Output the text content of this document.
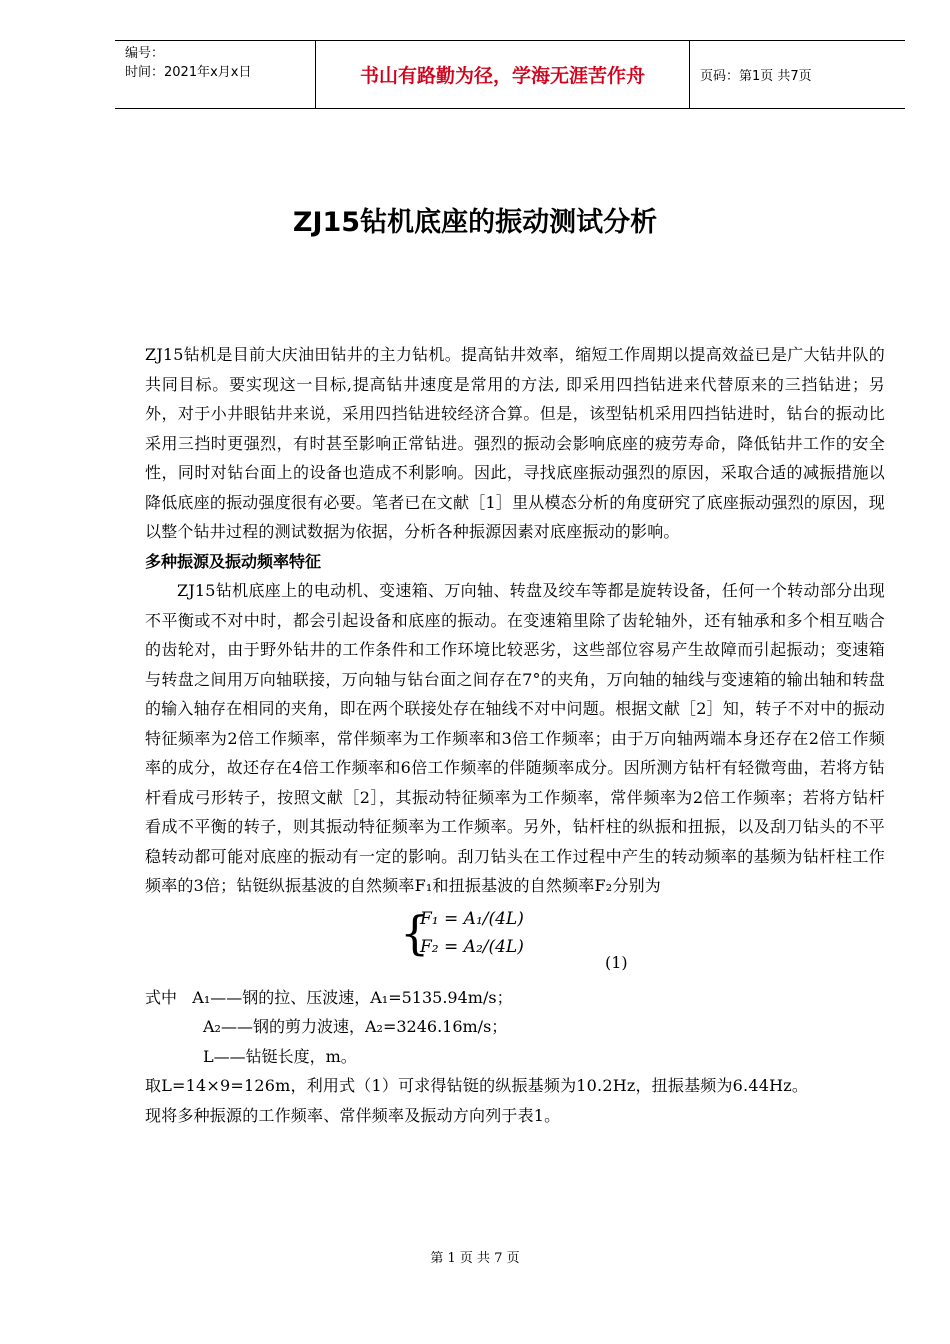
编号：
时间：2021年x月x日	书山有路勤为径，学海无涯苦作舟	页码：第1页 共7页
ZJ15钻机底座的振动测试分析

ZJ15钻机是目前大庆油田钻井的主力钻机。提高钻井效率，缩短工作周期以提高效益已是广大钻井队的共同目标。要实现这一目标,提高钻井速度是常用的方法, 即采用四挡钻进来代替原来的三挡钻进；另外，对于小井眼钻井来说，采用四挡钻进较经济合算。但是，该型钻机采用四挡钻进时，钻台的振动比采用三挡时更强烈，有时甚至影响正常钻进。强烈的振动会影响底座的疲劳寿命，降低钻井工作的安全性，同时对钻台面上的设备也造成不利影响。因此，寻找底座振动强烈的原因，采取合适的减振措施以降低底座的振动强度很有必要。笔者已在文献［1］里从模态分析的角度研究了底座振动强烈的原因，现以整个钻井过程的测试数据为依据，分析各种振源因素对底座振动的影响。

多种振源及振动频率特征

ZJ15钻机底座上的电动机、变速箱、万向轴、转盘及绞车等都是旋转设备，任何一个转动部分出现不平衡或不对中时，都会引起设备和底座的振动。在变速箱里除了齿轮轴外，还有轴承和多个相互啮合的齿轮对，由于野外钻井的工作条件和工作环境比较恶劣，这些部位容易产生故障而引起振动；变速箱与转盘之间用万向轴联接，万向轴与钻台面之间存在7°的夹角，万向轴的轴线与变速箱的输出轴和转盘的输入轴存在相同的夹角，即在两个联接处存在轴线不对中问题。根据文献［2］知，转子不对中的振动特征频率为2倍工作频率，常伴频率为工作频率和3倍工作频率；由于万向轴两端本身还存在2倍工作频率的成分，故还存在4倍工作频率和6倍工作频率的伴随频率成分。因所测方钻杆有轻微弯曲，若将方钻杆看成弓形转子，按照文献［2］，其振动特征频率为工作频率，常伴频率为2倍工作频率；若将方钻杆看成不平衡的转子，则其振动特征频率为工作频率。另外，钻杆柱的纵振和扭振，以及刮刀钻头的不平稳转动都可能对底座的振动有一定的影响。刮刀钻头在工作过程中产生的转动频率的基频为钻杆柱工作频率的3倍；钻铤纵振基波的自然频率F₁和扭振基波的自然频率F₂分别为

{
F₁ = A₁/(4L)
F₂ = A₂/(4L)
(1)

式中 A₁——钢的拉、压波速，A₁=5135.94m/s；

A₂——钢的剪力波速，A₂=3246.16m/s；

L——钻铤长度，m。

取L=14×9=126m，利用式（1）可求得钻铤的纵振基频为10.2Hz，扭振基频为6.44Hz。

现将多种振源的工作频率、常伴频率及振动方向列于表1。

第 1 页 共 7 页
